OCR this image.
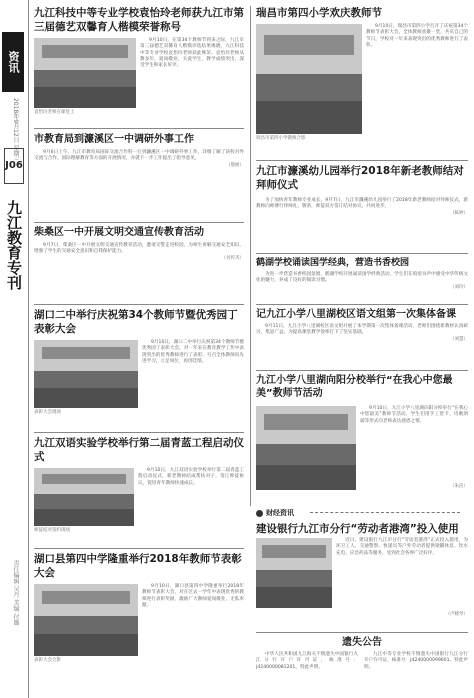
资讯
2018年9月12日 星期三
J06
九江教育专刊
责任编辑 吴丹 美编 付璐

九江科技中等专业学校袁怡玲老师获九江市第三届德艺双馨育人楷模荣誉称号

袁怡玲老师在课堂上

9月10日，在第34个教师节到来之际，九江市第三届德艺双馨育人楷模评选结果揭晓，九江科技中等专业学校袁怡玲老师获此殊荣。袁怡玲老师从教多年，爱岗敬业，关爱学生，教学成绩突出，深受学生和家长好评。

市教育局到濂溪区一中调研外事工作

9月6日上午，九江市教育局国际交流合作科一行到濂溪区一中调研外事工作，详细了解了该校对外交流与合作、国际理解教育等方面的开展情况，并就下一步工作提出了指导意见。

（殷丽）

柴桑区一中开展文明交通宣传教育活动

9月7日，柴桑区一中开展文明交通宣传教育活动，邀请交警走进校园，为师生讲解交通安全知识，增强了学生的交通安全意识和自我保护能力。

（谷传杰）

湖口二中举行庆祝第34个教师节暨优秀园丁表彰大会

表彰大会现场

9月10日，湖口二中举行庆祝第34个教师节暨优秀园丁表彰大会，对一年来在教育教学工作中表现突出的优秀教师进行了表彰，号召全体教师向先进学习，立足岗位，再创佳绩。

九江双语实验学校举行第二届青蓝工程启动仪式

师徒结对签约现场

9月10日，九江双语实验学校举行第二届青蓝工程启动仪式，新老教师结成帮扶对子，签订师徒协议，促进青年教师快速成长。

湖口县第四中学隆重举行2018年教师节表彰大会

表彰大会合影

9月10日，湖口县第四中学隆重举行2018年教师节表彰大会，对在过去一学年中表现优秀的教师进行表彰奖励，激励广大教师爱岗敬业、无私奉献。

瑞昌市第四小学欢庆教师节

瑞昌市第四小学教师合影

9月10日，瑞昌市第四小学召开了庆祝第34个教师节表彰大会，全体教师欢聚一堂，共庆自己的节日，学校对一年来表现突出的优秀教师进行了表彰。

九江市濂溪幼儿园举行2018年新老教师结对拜师仪式

为了加快青年教师专业成长，9月7日，九江市濂溪幼儿园举行了2018年新老教师结对拜师仪式，新教师向师傅行拜师礼、敬茶，师徒双方签订结对协议，共同进步。

（陈婷）

鹤湖学校诵读国学经典，营造书香校园

为进一步营造书香校园氛围，鹤湖学校开展诵读国学经典活动，学生们在琅琅书声中感受中华传统文化的魅力，养成了良好的阅读习惯。

（刘玲）

记九江小学八里湖校区语文组第一次集体备课

9月11日，九江小学八里湖校区语文组开展了本学期第一次集体备课活动，老师们围绕新教材认真研讨，集思广益，为提高课堂教学效率打下了坚实基础。

（刘慧）

九江小学八里湖向阳分校举行“在我心中您最美”教师节活动

9月10日，九江小学八里湖向阳分校举行“在我心中您最美”教师节活动，学生们用手工贺卡、诗歌朗诵等形式向老师表达感恩之情。

（朱洁）
财经资讯

建设银行九江市分行“劳动者港湾”投入使用

近日，建设银行九江市分行“劳动者港湾”正式投入使用，为环卫工人、交通警察、快递员等户外劳动者提供歇脚休息、饮水充电、应急药品等服务，受到社会各界广泛好评。

（卢晓琴）

遗失公告

中华人民共和国九江海关不慎遗失中国银行九江分行开户许可证，核准号：J4240000081201。特此声明。

九江中等专业学校不慎遗失中国银行九江分行开户许可证，核准号：J4240000099601。特此声明。
